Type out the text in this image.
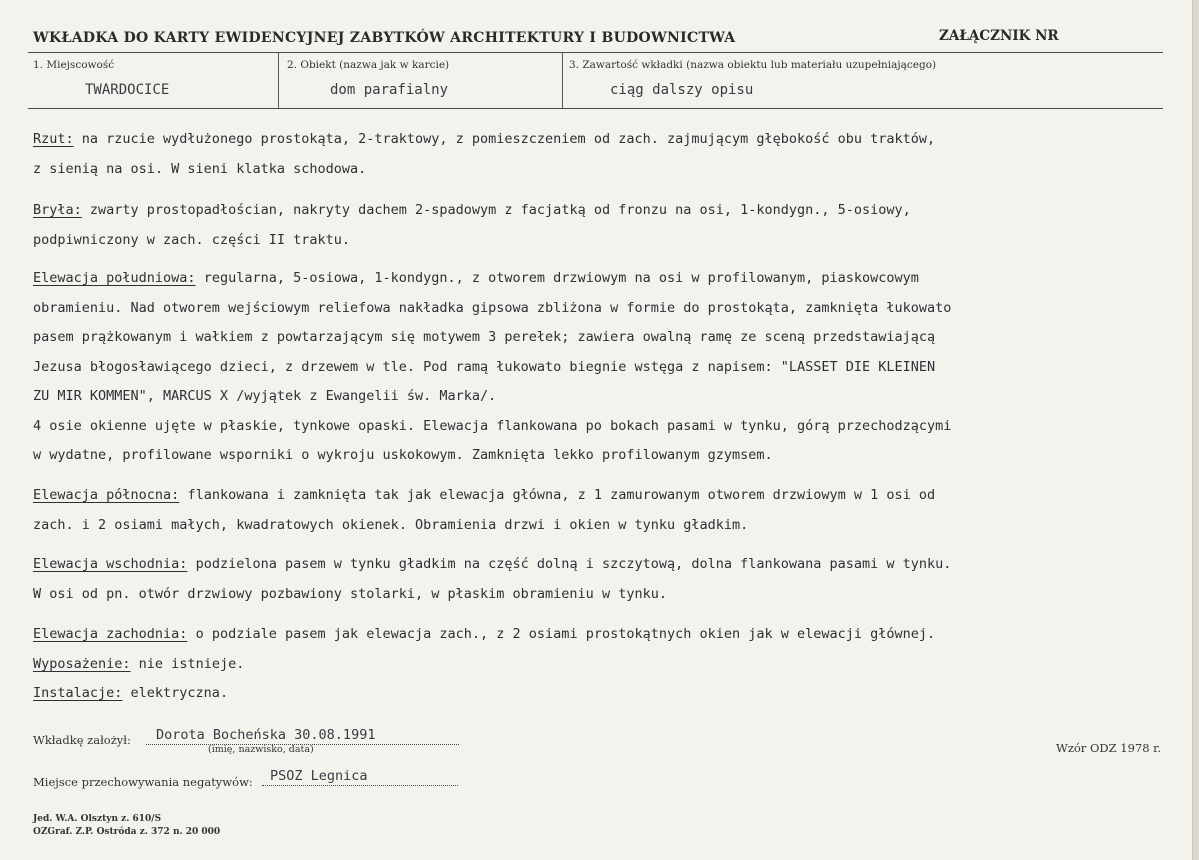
WKŁADKA DO KARTY EWIDENCYJNEJ ZABYTKÓW ARCHITEKTURY I BUDOWNICTWA	ZAŁĄCZNIK NR
1. Miejscowość
TWARDOCICE
2. Obiekt (nazwa jak w karcie)
dom parafialny
3. Zawartość wkładki (nazwa obiektu lub materiału uzupełniającego)
ciąg dalszy opisu
Rzut: na rzucie wydłużonego prostokąta, 2-traktowy, z pomieszczeniem od zach. zajmującym głębokość obu traktów,
z sienią na osi. W sieni klatka schodowa.
Bryła: zwarty prostopadłościan, nakryty dachem 2-spadowym z facjatką od fronzu na osi, 1-kondygn., 5-osiowy,
podpiwniczony w zach. części II traktu.
Elewacja południowa: regularna, 5-osiowa, 1-kondygn., z otworem drzwiowym na osi w profilowanym, piaskowcowym
obramieniu. Nad otworem wejściowym reliefowa nakładka gipsowa zbliżona w formie do prostokąta, zamknięta łukowato
pasem prążkowanym i wałkiem z powtarzającym się motywem 3 perełek; zawiera owalną ramę ze sceną przedstawiającą
Jezusa błogosławiącego dzieci, z drzewem w tle. Pod ramą łukowato biegnie wstęga z napisem: "LASSET DIE KLEINEN
ZU MIR KOMMEN", MARCUS X /wyjątek z Ewangelii św. Marka/.
4 osie okienne ujęte w płaskie, tynkowe opaski. Elewacja flankowana po bokach pasami w tynku, górą przechodzącymi
w wydatne, profilowane wsporniki o wykroju uskokowym. Zamknięta lekko profilowanym gzymsem.
Elewacja północna: flankowana i zamknięta tak jak elewacja główna, z 1 zamurowanym otworem drzwiowym w 1 osi od
zach. i 2 osiami małych, kwadratowych okienek. Obramienia drzwi i okien w tynku gładkim.
Elewacja wschodnia: podzielona pasem w tynku gładkim na część dolną i szczytową, dolna flankowana pasami w tynku.
W osi od pn. otwór drzwiowy pozbawiony stolarki, w płaskim obramieniu w tynku.
Elewacja zachodnia: o podziale pasem jak elewacja zach., z 2 osiami prostokątnych okien jak w elewacji głównej.
Wyposażenie: nie istnieje.
Instalacje: elektryczna.
Wkładkę założył: Dorota Bocheńska 30.08.1991
(imię, nazwisko, data)	Wzór ODZ 1978 r.
Miejsce przechowywania negatywów: PSOZ Legnica
Jed. W.A. Olsztyn z. 610/S
OZGraf. Z.P. Ostróda z. 372 n. 20 000
